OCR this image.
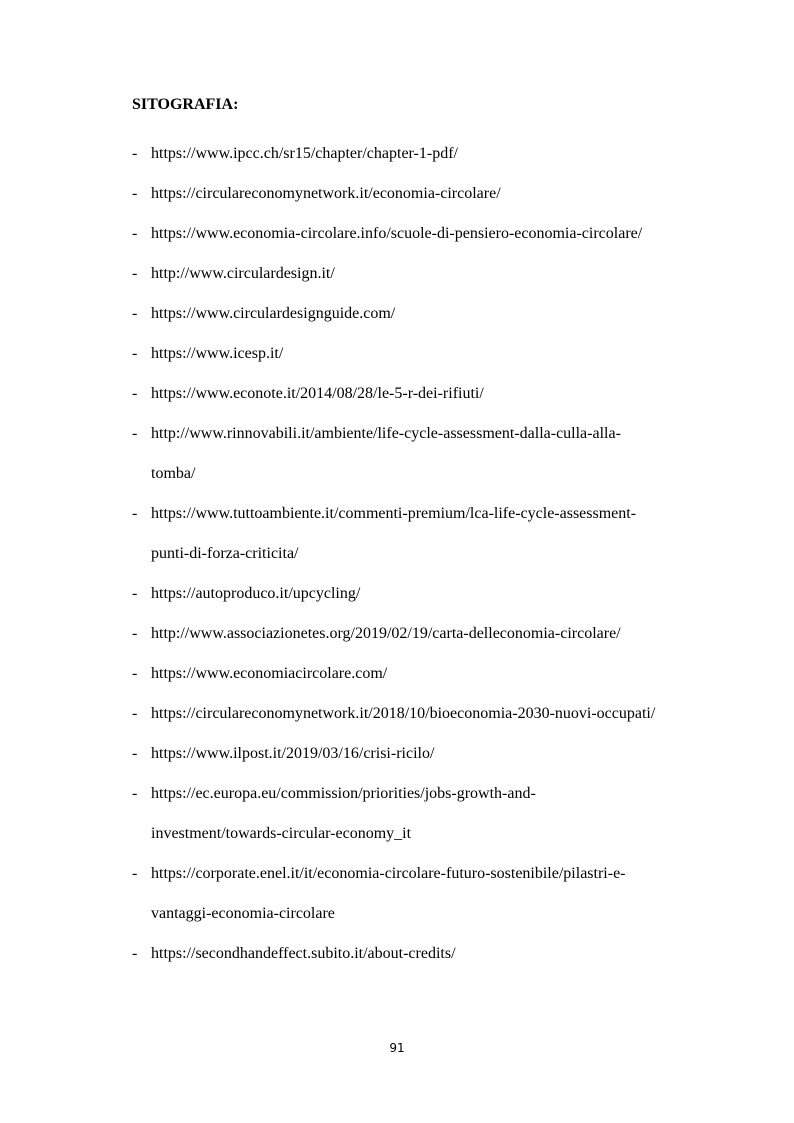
SITOGRAFIA:
- https://www.ipcc.ch/sr15/chapter/chapter-1-pdf/
- https://circulareconomynetwork.it/economia-circolare/
- https://www.economia-circolare.info/scuole-di-pensiero-economia-circolare/
- http://www.circulardesign.it/
- https://www.circulardesignguide.com/
- https://www.icesp.it/
- https://www.econote.it/2014/08/28/le-5-r-dei-rifiuti/
- http://www.rinnovabili.it/ambiente/life-cycle-assessment-dalla-culla-alla-
tomba/
- https://www.tuttoambiente.it/commenti-premium/lca-life-cycle-assessment-
punti-di-forza-criticita/
- https://autoproduco.it/upcycling/
- http://www.associazionetes.org/2019/02/19/carta-delleconomia-circolare/
- https://www.economiacircolare.com/
- https://circulareconomynetwork.it/2018/10/bioeconomia-2030-nuovi-occupati/
- https://www.ilpost.it/2019/03/16/crisi-ricilo/
- https://ec.europa.eu/commission/priorities/jobs-growth-and-
investment/towards-circular-economy_it
- https://corporate.enel.it/it/economia-circolare-futuro-sostenibile/pilastri-e-
vantaggi-economia-circolare
- https://secondhandeffect.subito.it/about-credits/
91
